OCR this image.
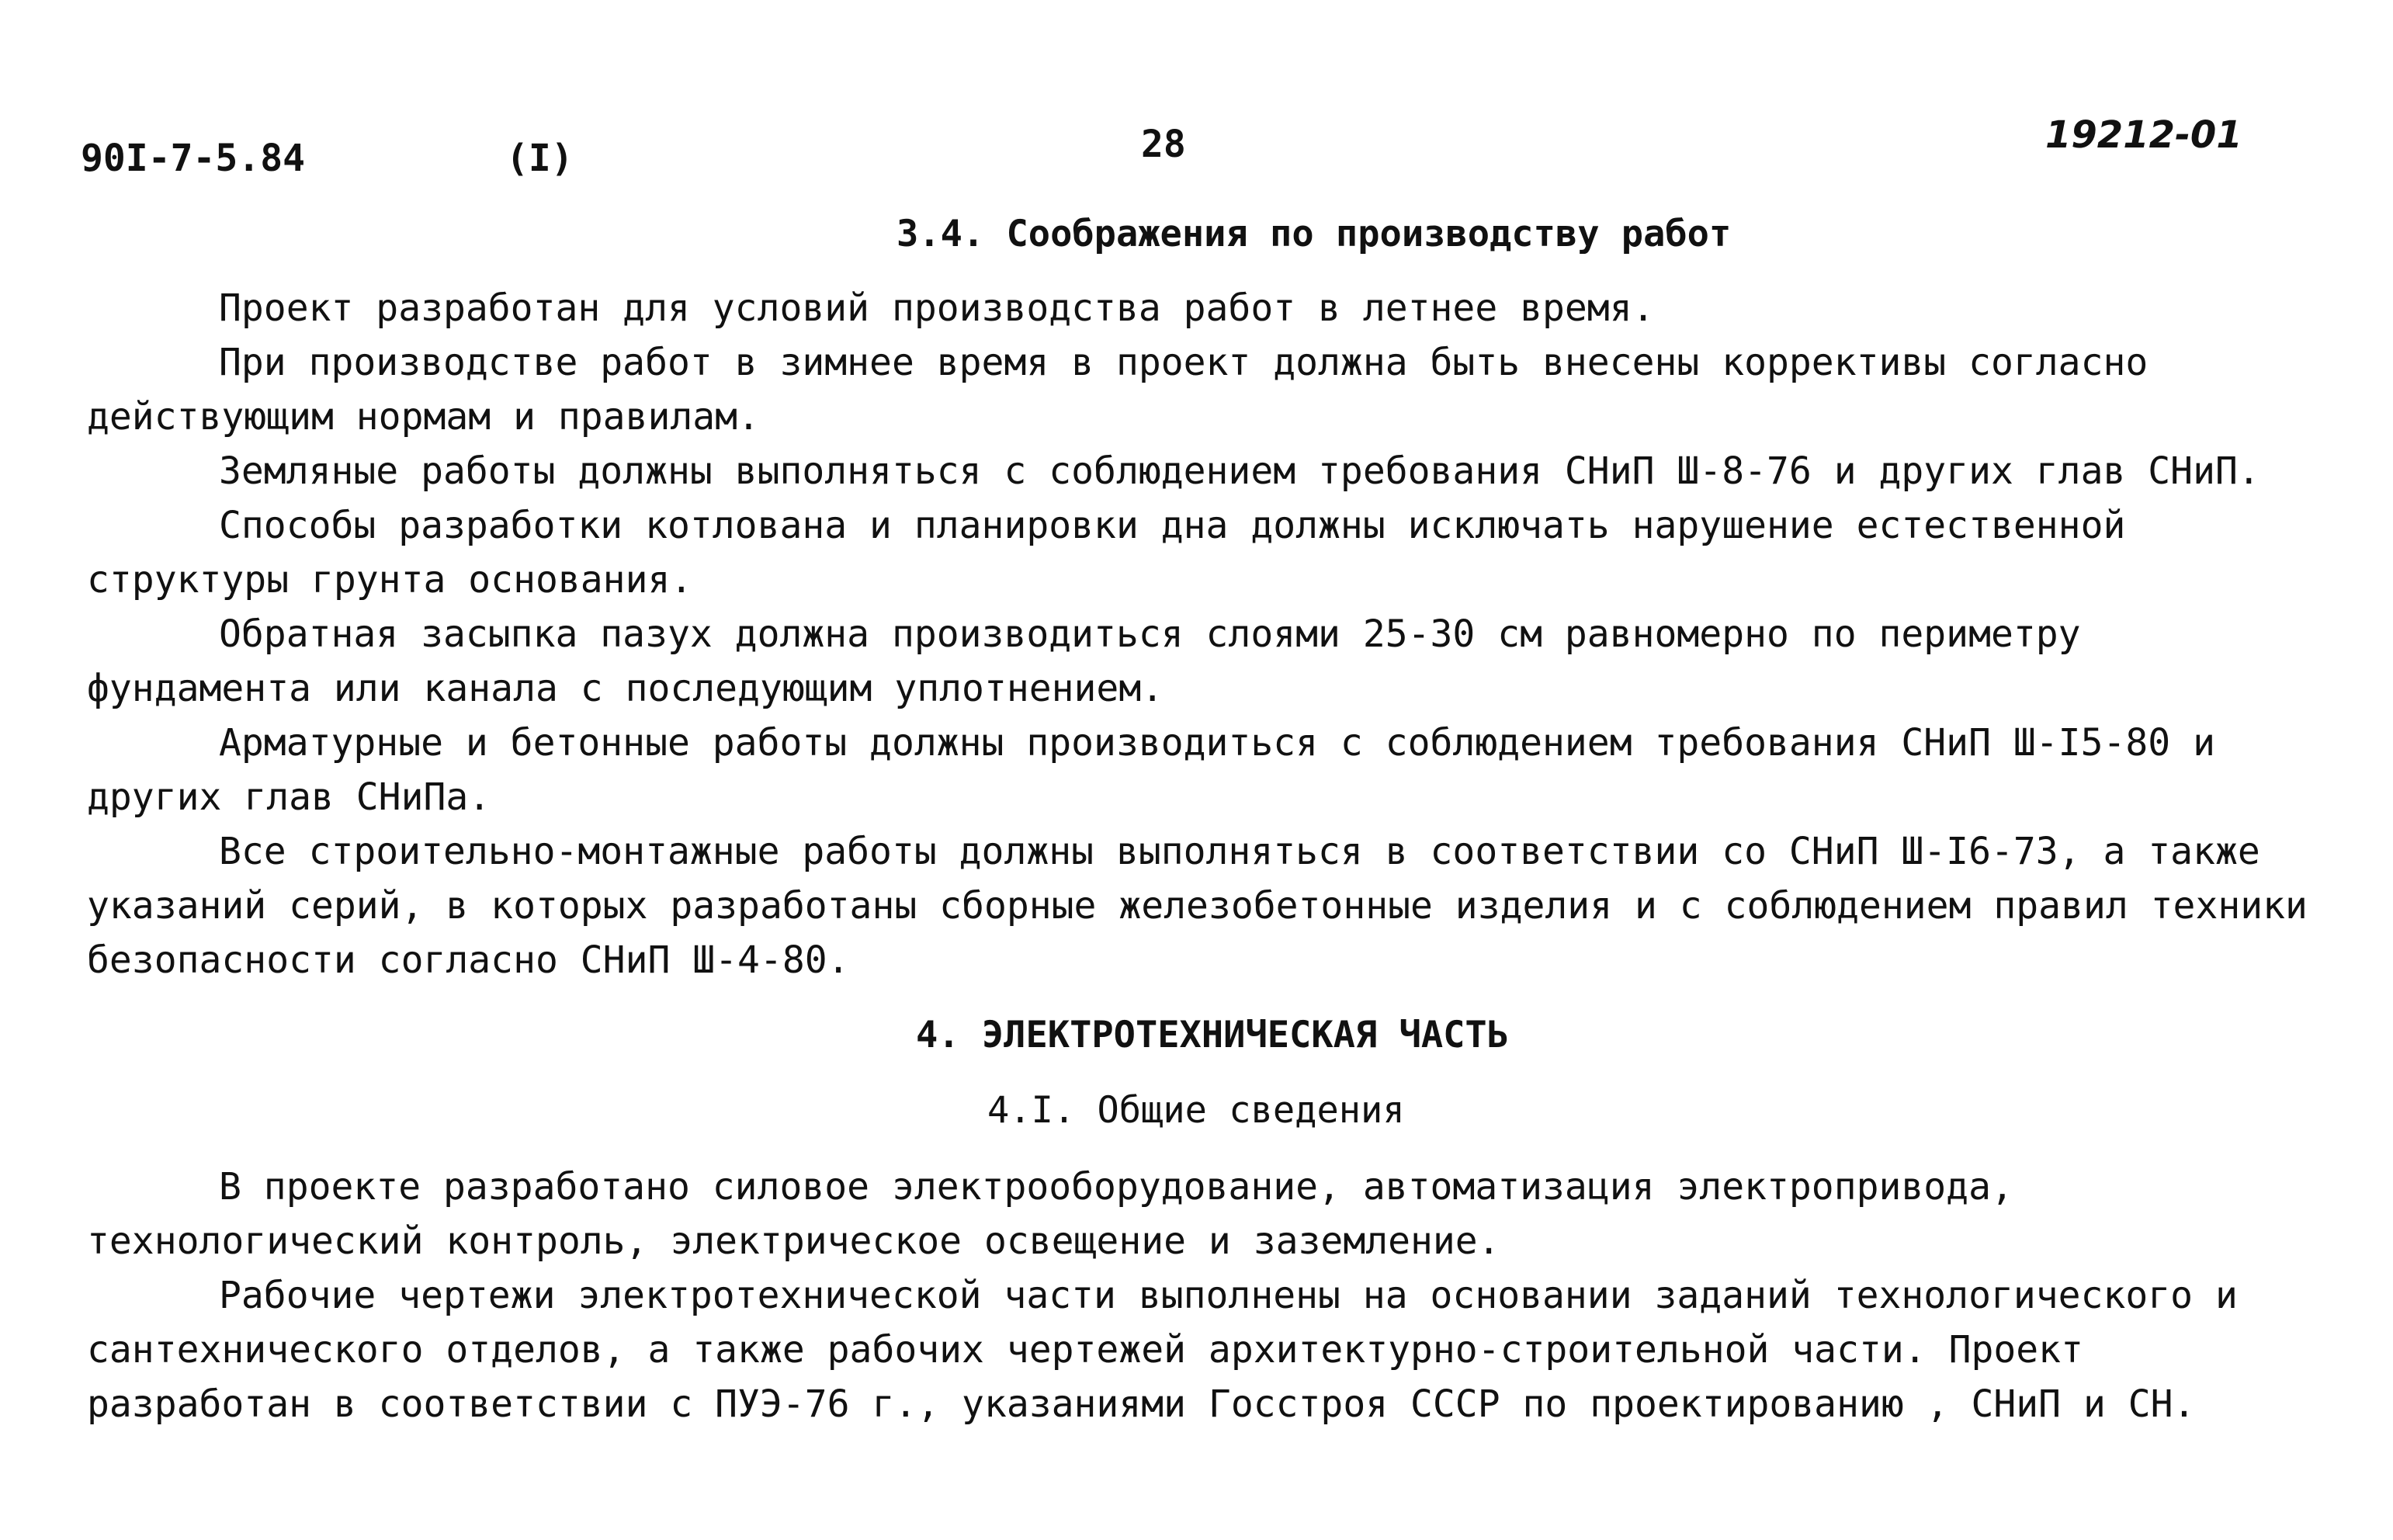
90I-7-5.84	(I)	28	19212-01
3.4. Соображения по производству работ

Проект разработан для условий производства работ в летнее время.

При производстве работ в зимнее время в проект должна быть внесены коррективы согласно действующим нормам и правилам.

Земляные работы должны выполняться с соблюдением требования СНиП Ш-8-76 и других глав СНиП.

Способы разработки котлована и планировки дна должны исключать нарушение естественной структуры грунта основания.

Обратная засыпка пазух должна производиться слоями 25-30 см равномерно по периметру фундамента или канала с последующим уплотнением.

Арматурные и бетонные работы должны производиться с соблюдением требования СНиП Ш-I5-80 и других глав СНиПа.

Все строительно-монтажные работы должны выполняться в соответствии со СНиП Ш-I6-73, а также указаний серий, в которых разработаны сборные железобетонные изделия и с соблюдением правил техники безопасности согласно СНиП Ш-4-80.

4. ЭЛЕКТРОТЕХНИЧЕСКАЯ ЧАСТЬ
4.I. Общие сведения

В проекте разработано силовое электрооборудование, автоматизация электропривода, технологический контроль, электрическое освещение и заземление.

Рабочие чертежи электротехнической части выполнены на основании заданий технологического и сантехнического отделов, а также рабочих чертежей архитектурно-строительной части. Проект разработан в соответствии с ПУЭ-76 г., указаниями Госстроя СССР по проектированию , СНиП и СН.
